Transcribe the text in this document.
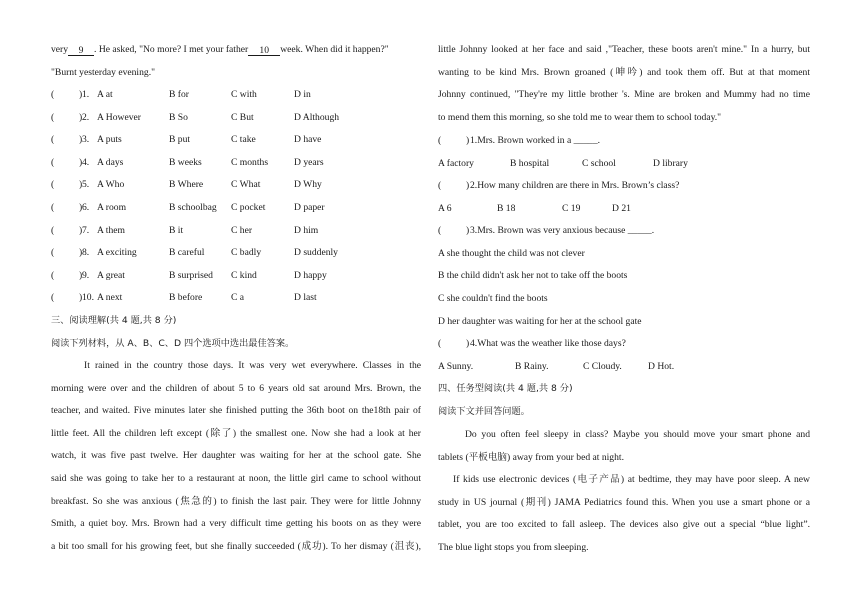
very 9 . He asked, "No more? I met your father 10 week. When did it happen?"
"Burnt yesterday evening."
(	) 1. A at	B for	C with	D in
(	) 2. A However	B So	C But	D Although
(	) 3. A puts	B put	C take	D have
(	) 4. A days	B weeks	C months	D years
(	) 5. A Who	B Where	C What	D Why
(	) 6. A room	B schoolbag C pocket	D paper
(	) 7. A them	B it	C her	D him
(	) 8. A exciting	B careful	C badly	D suddenly
(	) 9. A great	B surprised C kind	D happy
(	) 10. A next	B before	C a	D last
三、阅读理解(共 4 题,共 8 分)
阅读下列材料，从 A、B、C、D 四个选项中选出最佳答案。
It rained in the country those days. It was very wet everywhere. Classes in the
morning were over and the children of about 5 to 6 years old sat around Mrs. Brown, the
teacher, and waited. Five minutes later she finished putting the 36th boot on the18th pair of
little feet. All the children left except (除了) the smallest one. Now she had a look at her
watch, it was five past twelve. Her daughter was waiting for her at the school gate. She
said she was going to take her to a restaurant at noon, the little girl came to school without
breakfast. So she was anxious (焦急的) to finish the last pair. They were for little Johnny
Smith, a quiet boy. Mrs. Brown had a very difficult time getting his boots on as they were
a bit too small for his growing feet, but she finally succeeded (成功). To her dismay (沮丧),
little Johnny looked at her face and said ,"Teacher, these boots aren't mine." In a hurry, but
wanting to be kind Mrs. Brown groaned (呻吟) and took them off. But at that moment
Johnny continued, "They're my little brother 's. Mine are broken and Mummy had no time
to mend them this morning, so she told me to wear them to school today."
(	) 1.Mrs. Brown worked in a _____.
A factory	B hospital	C school	D library
(	) 2.How many children are there in Mrs. Brown’s class?
A 6	B 18	C 19	D 21
(	) 3.Mrs. Brown was very anxious because _____.
A she thought the child was not clever
B the child didn't ask her not to take off the boots
C she couldn't find the boots
D her daughter was waiting for her at the school gate
(	) 4.What was the weather like those days?
A Sunny.	B Rainy.	C Cloudy.	D Hot.
四、任务型阅读(共 4 题,共 8 分)
阅读下文并回答问题。
Do you often feel sleepy in class? Maybe you should move your smart phone and
tablets (平板电脑) away from your bed at night.
If kids use electronic devices (电子产品) at bedtime, they may have poor sleep. A new
study in US journal (期刊) JAMA Pediatrics found this. When you use a smart phone or a
tablet, you are too excited to fall asleep. The devices also give out a special “blue light”.
The blue light stops you from sleeping.
